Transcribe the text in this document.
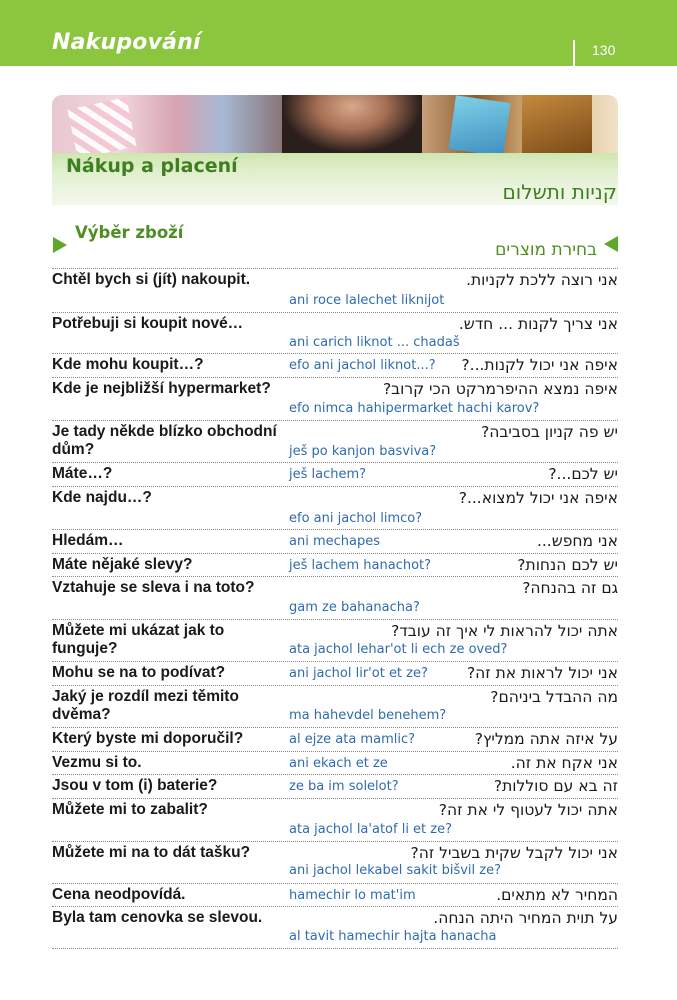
Nakupování	130
Nákup a placení
קניות ותשלום
Výběr zboží
בחירת מוצרים
Chtěl bych si (jít) nakoupit.	אני רוצה ללכת לקניות.
ani roce lalechet liknijot
Potřebuji si koupit nové…	אני צריך לקנות ... חדש.
ani carich liknot ... chadaš
Kde mohu koupit…?	איפה אני יכול לקנות...?
efo ani jachol liknot...?
Kde je nejbližší hypermarket?	איפה נמצא ההיפרמרקט הכי קרוב?
efo nimca hahipermarket hachi karov?
Je tady někde blízko obchodní dům?
יש פה קניון בסביבה?
ješ po kanjon basviva?
Máte…?	יש לכם...?
ješ lachem?
Kde najdu…?	איפה אני יכול למצוא...?
efo ani jachol limco?
Hledám…	אני מחפש...
ani mechapes
Máte nějaké slevy?	יש לכם הנחות?
ješ lachem hanachot?
Vztahuje se sleva i na toto?	גם זה בהנחה?
gam ze bahanacha?
Můžete mi ukázat jak to funguje?
אתה יכול להראות לי איך זה עובד?
ata jachol lehar'ot li ech ze oved?
Mohu se na to podívat?	אני יכול לראות את זה?
ani jachol lir'ot et ze?
Jaký je rozdíl mezi těmito dvěma?
מה ההבדל ביניהם?
ma hahevdel benehem?
Který byste mi doporučil?	על איזה אתה ממליץ?
al ejze ata mamlic?
Vezmu si to.	אני אקח את זה.
ani ekach et ze
Jsou v tom (i) baterie?	זה בא עם סוללות?
ze ba im solelot?
Můžete mi to zabalit?	אתה יכול לעטוף לי את זה?
ata jachol la'atof li et ze?
Můžete mi na to dát tašku?	אני יכול לקבל שקית בשביל זה?
ani jachol lekabel sakit bišvil ze?
Cena neodpovídá.	המחיר לא מתאים.
hamechir lo mat'im
Byla tam cenovka se slevou.	על תוית המחיר היתה הנחה.
al tavit hamechir hajta hanacha
